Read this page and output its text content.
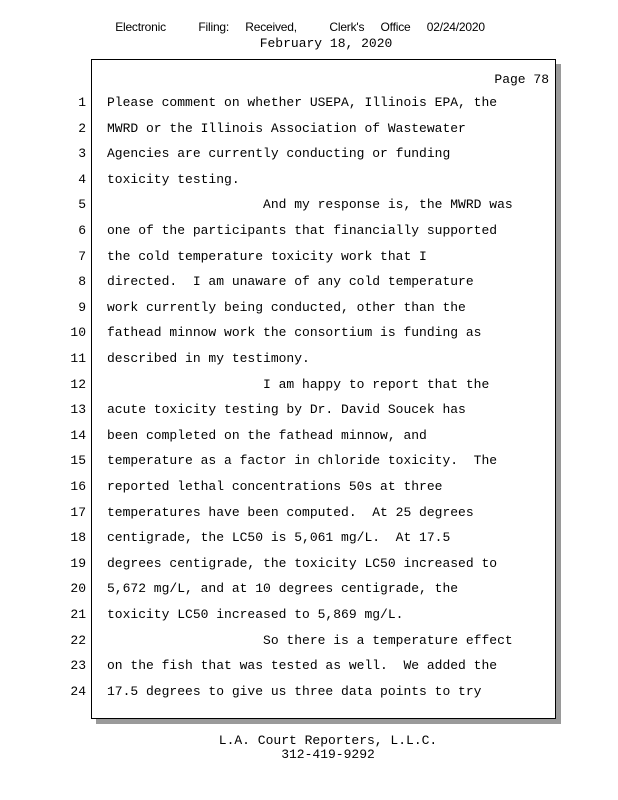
Electronic    Filing:  Received,    Clerk's  Office  02/24/2020
February 18, 2020
Page 78
1 Please comment on whether USEPA, Illinois EPA, the
2 MWRD or the Illinois Association of Wastewater
3 Agencies are currently conducting or funding
4 toxicity testing.
5 And my response is, the MWRD was
6 one of the participants that financially supported
7 the cold temperature toxicity work that I
8 directed.  I am unaware of any cold temperature
9 work currently being conducted, other than the
10 fathead minnow work the consortium is funding as
11 described in my testimony.
12 I am happy to report that the
13 acute toxicity testing by Dr. David Soucek has
14 been completed on the fathead minnow, and
15 temperature as a factor in chloride toxicity.  The
16 reported lethal concentrations 50s at three
17 temperatures have been computed.  At 25 degrees
18 centigrade, the LC50 is 5,061 mg/L.  At 17.5
19 degrees centigrade, the toxicity LC50 increased to
20 5,672 mg/L, and at 10 degrees centigrade, the
21 toxicity LC50 increased to 5,869 mg/L.
22 So there is a temperature effect
23 on the fish that was tested as well.  We added the
24 17.5 degrees to give us three data points to try
L.A. Court Reporters, L.L.C.
312-419-9292
